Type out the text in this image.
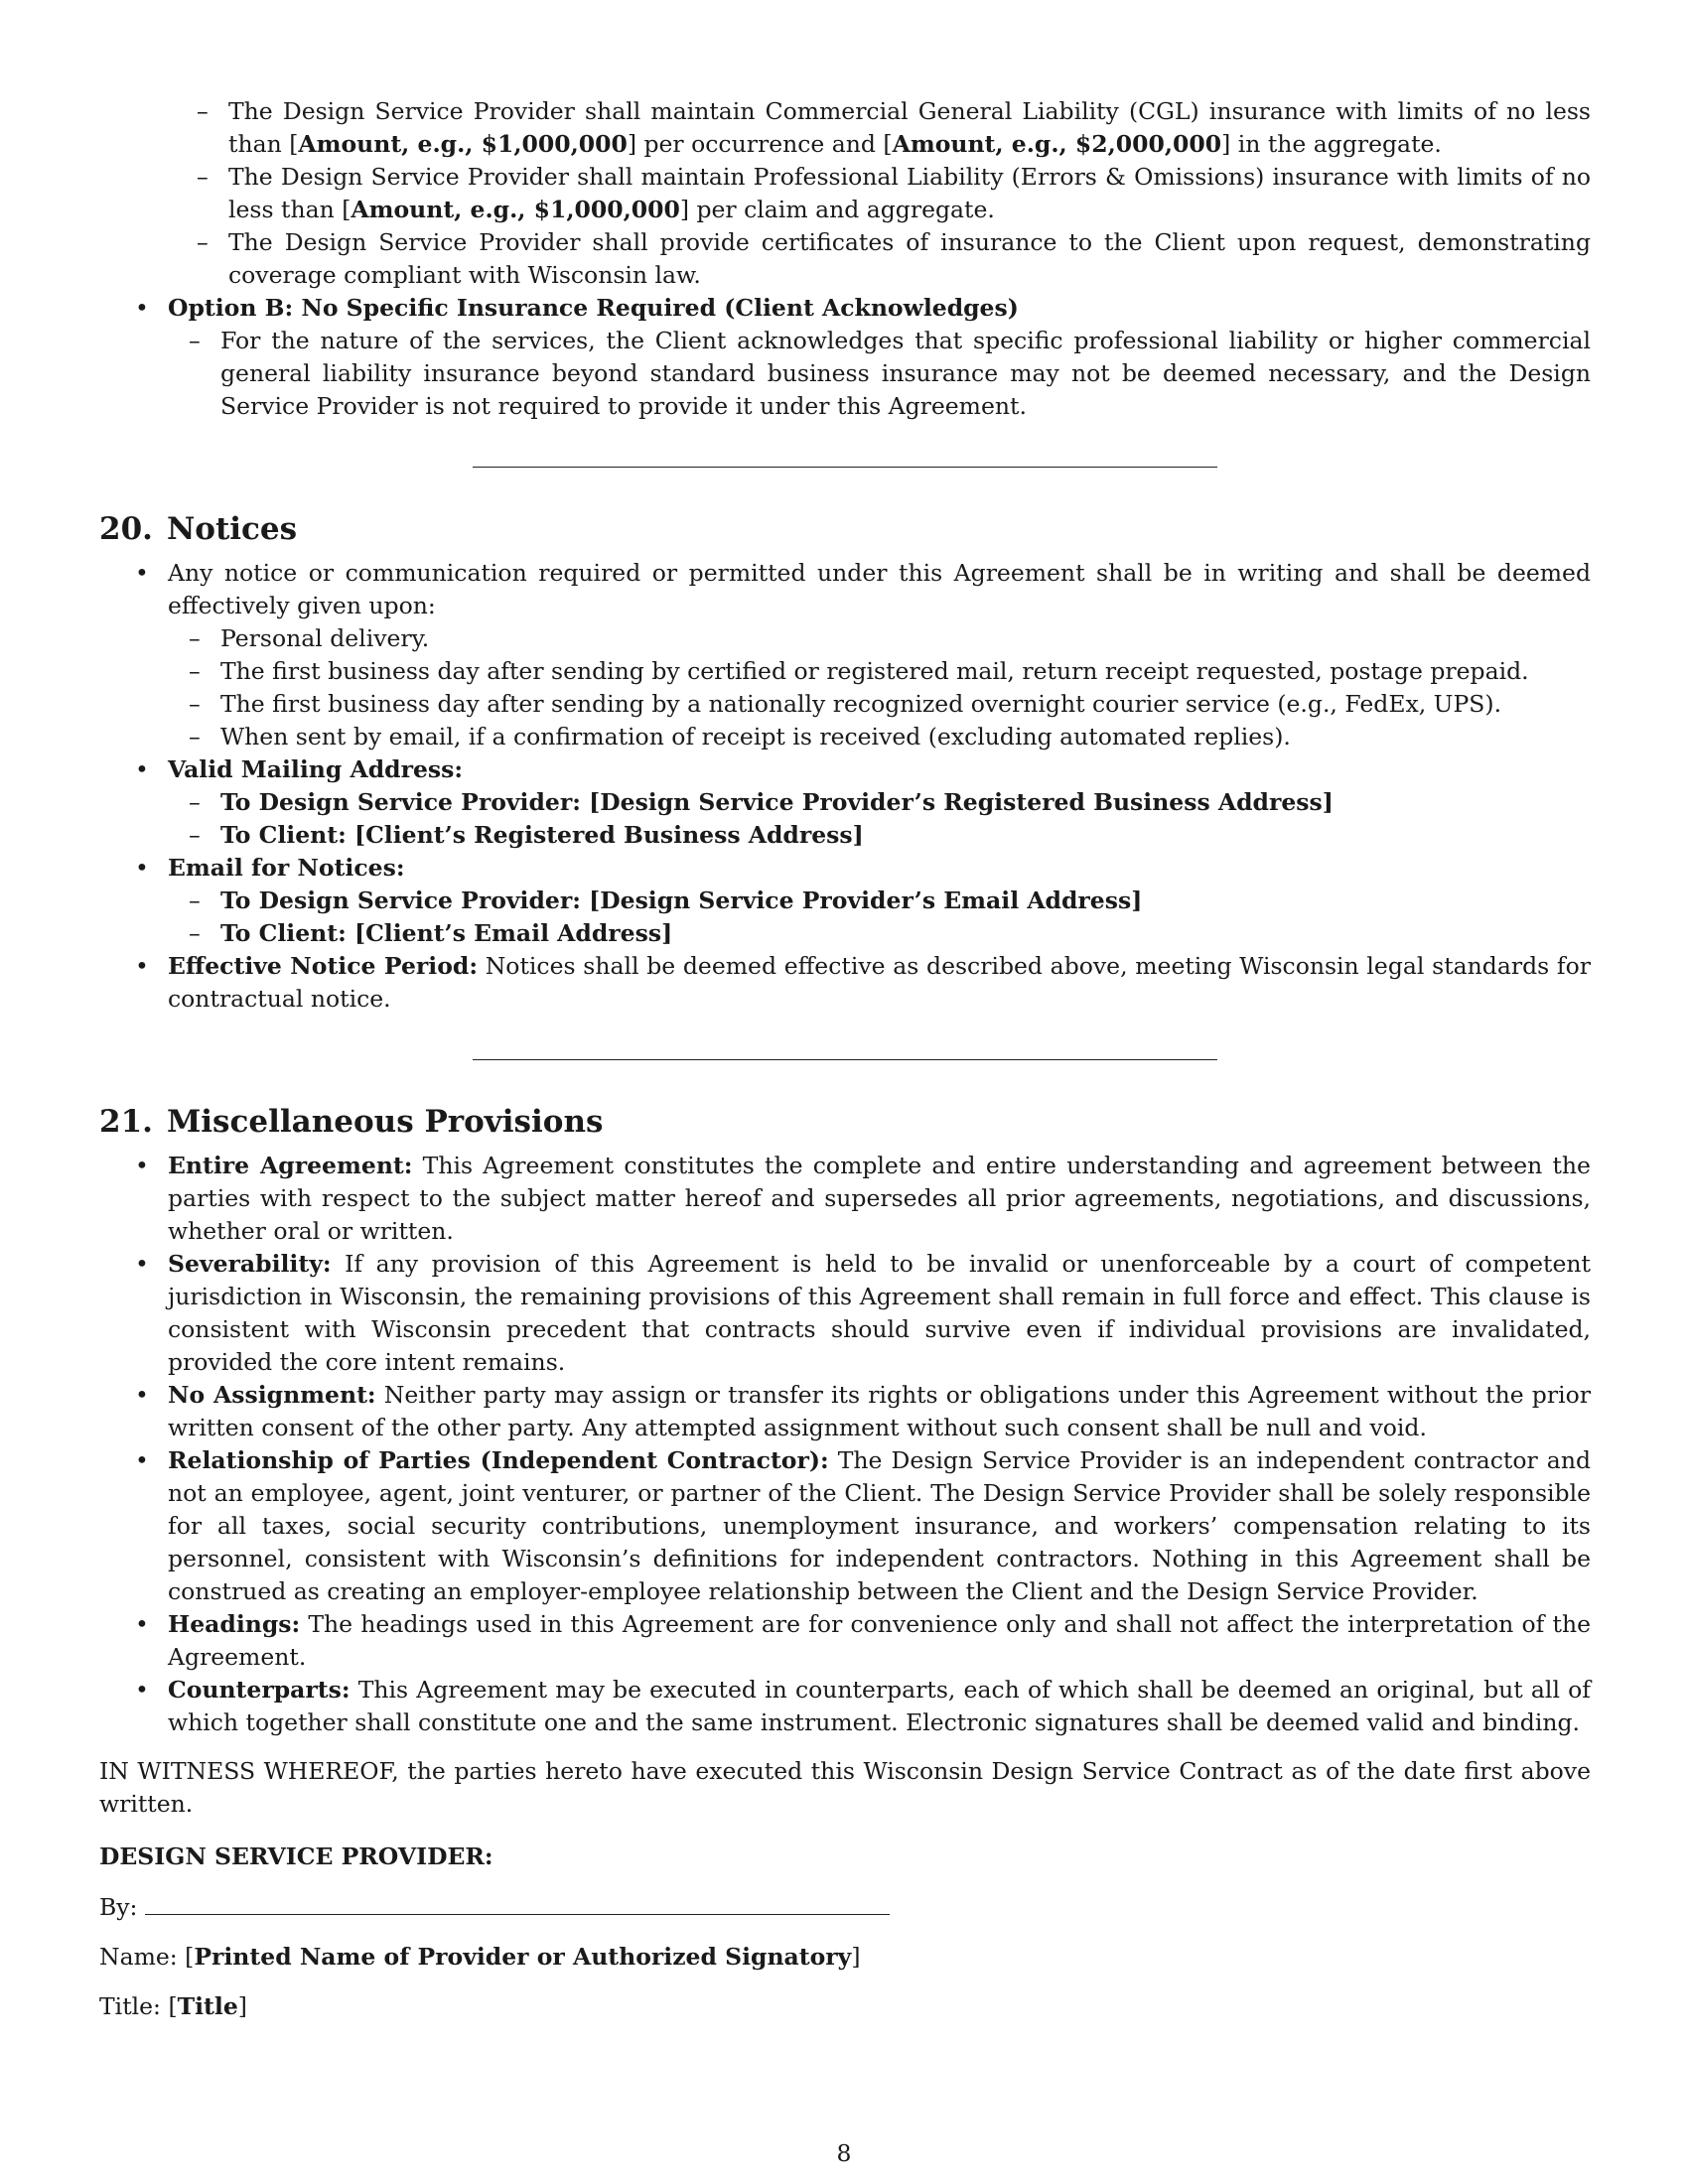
– The Design Service Provider shall maintain Commercial General Liability (CGL) insurance with limits of no less than [Amount, e.g., $1,000,000] per occurrence and [Amount, e.g., $2,000,000] in the aggregate.
– The Design Service Provider shall maintain Professional Liability (Errors & Omissions) insurance with limits of no less than [Amount, e.g., $1,000,000] per claim and aggregate.
– The Design Service Provider shall provide certificates of insurance to the Client upon request, demonstrating coverage compliant with Wisconsin law.
• Option B: No Specific Insurance Required (Client Acknowledges)
– For the nature of the services, the Client acknowledges that specific professional liability or higher commercial general liability insurance beyond standard business insurance may not be deemed necessary, and the Design Service Provider is not required to provide it under this Agreement.
20. Notices
• Any notice or communication required or permitted under this Agreement shall be in writing and shall be deemed effectively given upon:
– Personal delivery.
– The first business day after sending by certified or registered mail, return receipt requested, postage prepaid.
– The first business day after sending by a nationally recognized overnight courier service (e.g., FedEx, UPS).
– When sent by email, if a confirmation of receipt is received (excluding automated replies).
• Valid Mailing Address:
– To Design Service Provider: [Design Service Provider’s Registered Business Address]
– To Client: [Client’s Registered Business Address]
• Email for Notices:
– To Design Service Provider: [Design Service Provider’s Email Address]
– To Client: [Client’s Email Address]
• Effective Notice Period: Notices shall be deemed effective as described above, meeting Wisconsin legal standards for contractual notice.
21. Miscellaneous Provisions
• Entire Agreement: This Agreement constitutes the complete and entire understanding and agreement between the parties with respect to the subject matter hereof and supersedes all prior agreements, negotiations, and discussions, whether oral or written.
• Severability: If any provision of this Agreement is held to be invalid or unenforceable by a court of competent jurisdiction in Wisconsin, the remaining provisions of this Agreement shall remain in full force and effect. This clause is consistent with Wisconsin precedent that contracts should survive even if individual provisions are invalidated, provided the core intent remains.
• No Assignment: Neither party may assign or transfer its rights or obligations under this Agreement without the prior written consent of the other party. Any attempted assignment without such consent shall be null and void.
• Relationship of Parties (Independent Contractor): The Design Service Provider is an independent contractor and not an employee, agent, joint venturer, or partner of the Client. The Design Service Provider shall be solely responsible for all taxes, social security contributions, unemployment insurance, and workers’ compensation relating to its personnel, consistent with Wisconsin’s definitions for independent contractors. Nothing in this Agreement shall be construed as creating an employer-employee relationship between the Client and the Design Service Provider.
• Headings: The headings used in this Agreement are for convenience only and shall not affect the interpretation of the Agreement.
• Counterparts: This Agreement may be executed in counterparts, each of which shall be deemed an original, but all of which together shall constitute one and the same instrument. Electronic signatures shall be deemed valid and binding.

IN WITNESS WHEREOF, the parties hereto have executed this Wisconsin Design Service Contract as of the date first above written.

DESIGN SERVICE PROVIDER:

By:

Name: [Printed Name of Provider or Authorized Signatory]

Title: [Title]

8
